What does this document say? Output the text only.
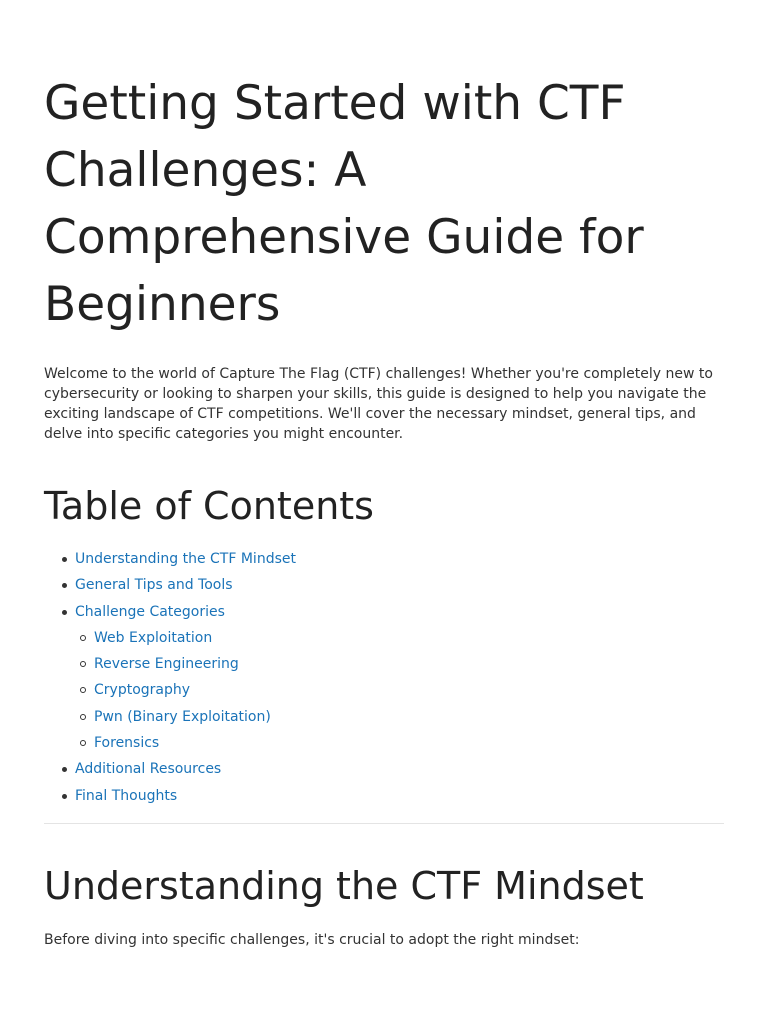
Getting Started with CTF Challenges: A Comprehensive Guide for Beginners

Welcome to the world of Capture The Flag (CTF) challenges! Whether you're completely new to cybersecurity or looking to sharpen your skills, this guide is designed to help you navigate the exciting landscape of CTF competitions. We'll cover the necessary mindset, general tips, and delve into specific categories you might encounter.

Table of Contents
Understanding the CTF Mindset
General Tips and Tools
Challenge Categories
Web Exploitation
Reverse Engineering
Cryptography
Pwn (Binary Exploitation)
Forensics
Additional Resources
Final Thoughts
Understanding the CTF Mindset

Before diving into specific challenges, it's crucial to adopt the right mindset:
